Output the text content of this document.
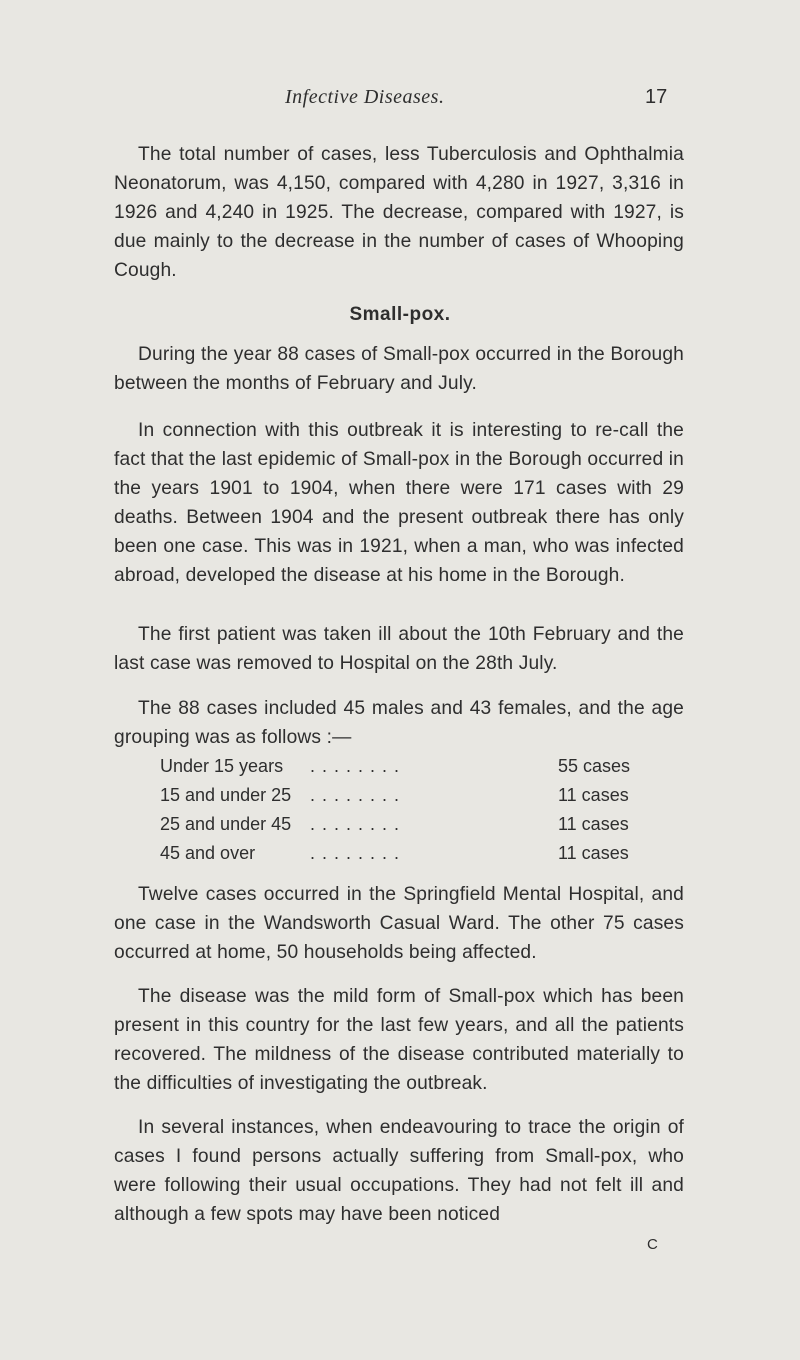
Infective Diseases.	17

The total number of cases, less Tuberculosis and Ophthalmia Neonatorum, was 4,150, compared with 4,280 in 1927, 3,316 in 1926 and 4,240 in 1925. The decrease, compared with 1927, is due mainly to the decrease in the number of cases of Whooping Cough.

Small-pox.

During the year 88 cases of Small-pox occurred in the Borough between the months of February and July.

In connection with this outbreak it is interesting to re-call the fact that the last epidemic of Small-pox in the Borough occurred in the years 1901 to 1904, when there were 171 cases with 29 deaths. Between 1904 and the present outbreak there has only been one case. This was in 1921, when a man, who was infected abroad, developed the disease at his home in the Borough.

The first patient was taken ill about the 10th February and the last case was removed to Hospital on the 28th July.

The 88 cases included 45 males and 43 females, and the age grouping was as follows :—

Under 15 years . . . . . . . .	55 cases
15 and under 25 . . . . . . . .	11 cases
25 and under 45 . . . . . . . .	11 cases
45 and over	. . . . . . . .	11 cases

Twelve cases occurred in the Springfield Mental Hospital, and one case in the Wandsworth Casual Ward. The other 75 cases occurred at home, 50 households being affected.

The disease was the mild form of Small-pox which has been present in this country for the last few years, and all the patients recovered. The mildness of the disease contributed materially to the difficulties of investigating the outbreak.

In several instances, when endeavouring to trace the origin of cases I found persons actually suffering from Small-pox, who were following their usual occupations. They had not felt ill and although a few spots may have been noticed

C
